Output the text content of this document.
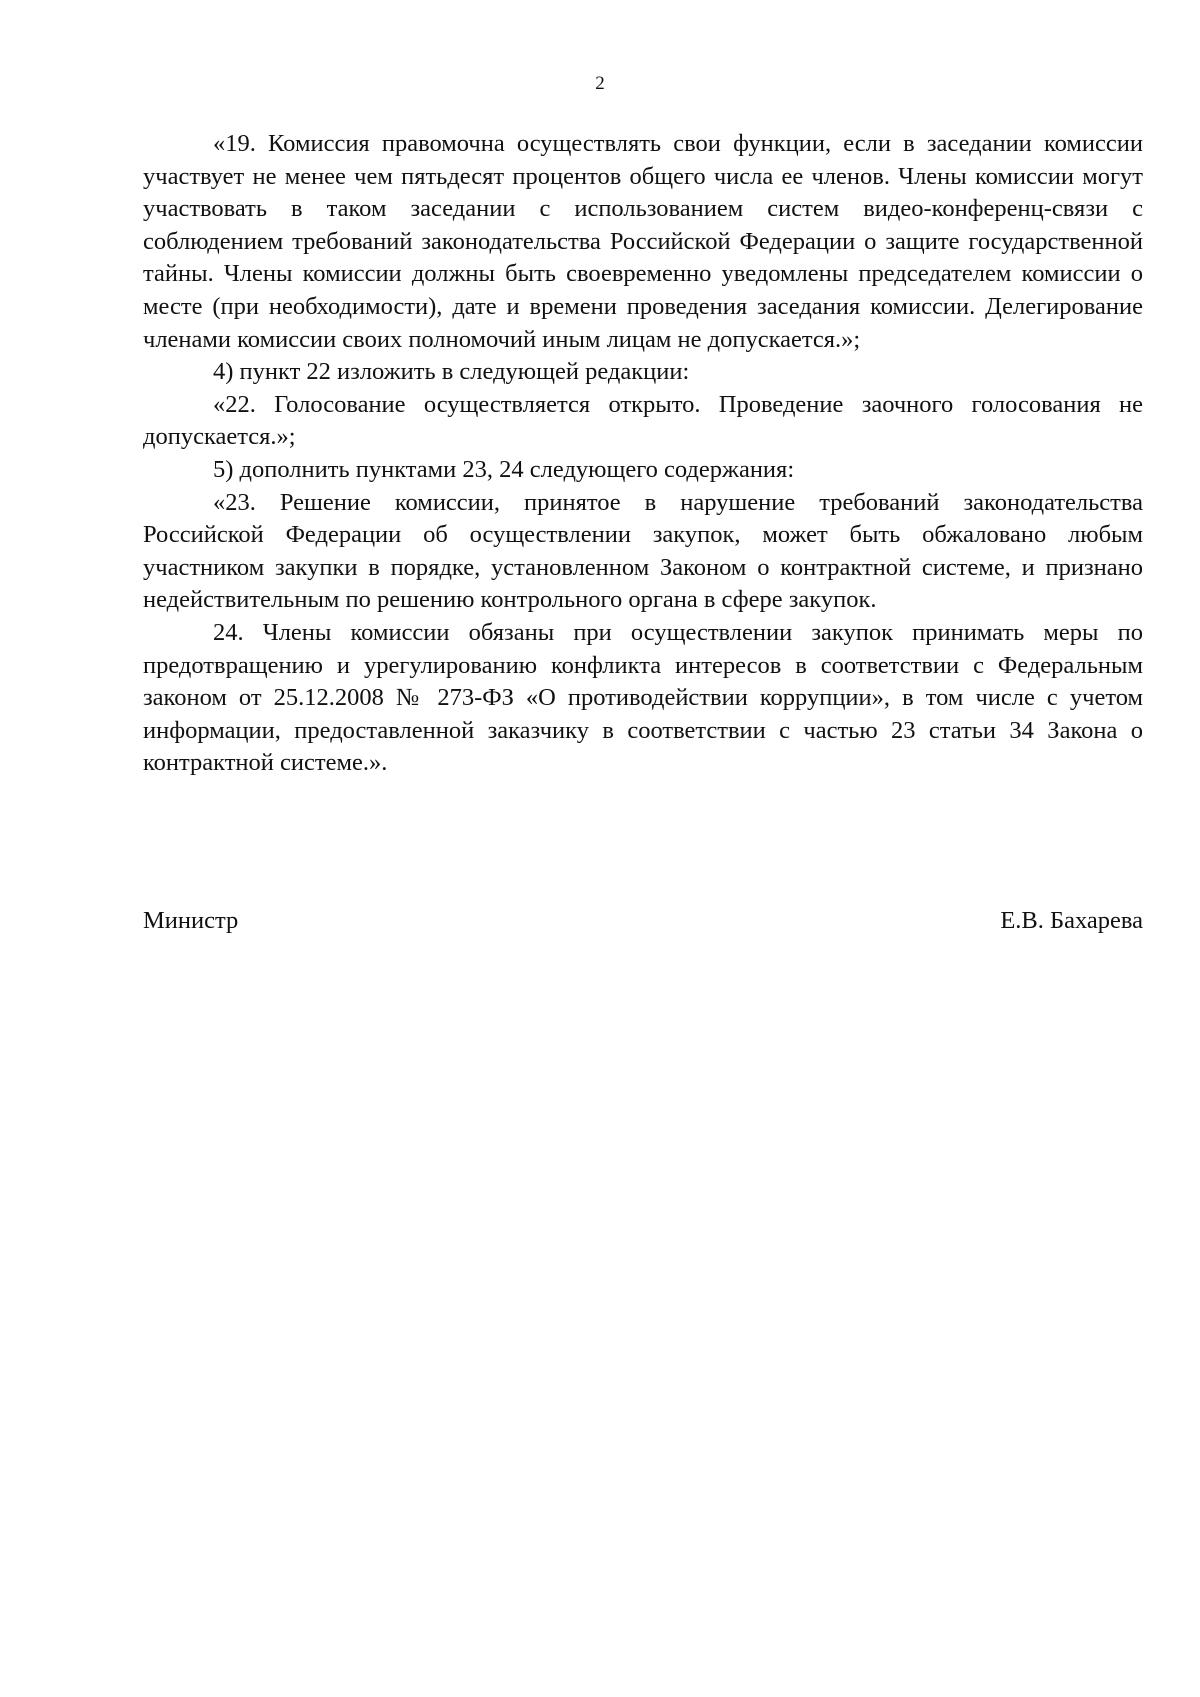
2

«19. Комиссия правомочна осуществлять свои функции, если в заседании комиссии участвует не менее чем пятьдесят процентов общего числа ее членов. Члены комиссии могут участвовать в таком заседании с использованием систем видео-конференц-связи с соблюдением требований законодательства Российской Федерации о защите государственной тайны. Члены комиссии должны быть своевременно уведомлены председателем комиссии о месте (при необходимости), дате и времени проведения заседания комиссии. Делегирование членами комиссии своих полномочий иным лицам не допускается.»;

4) пункт 22 изложить в следующей редакции:

«22. Голосование осуществляется открыто. Проведение заочного голосования не допускается.»;

5) дополнить пунктами 23, 24 следующего содержания:

«23. Решение комиссии, принятое в нарушение требований законодательства Российской Федерации об осуществлении закупок, может быть обжаловано любым участником закупки в порядке, установленном Законом о контрактной системе, и признано недействительным по решению контрольного органа в сфере закупок.

24. Члены комиссии обязаны при осуществлении закупок принимать меры по предотвращению и урегулированию конфликта интересов в соответствии с Федеральным законом от 25.12.2008 № 273-ФЗ «О противодействии коррупции», в том числе с учетом информации, предоставленной заказчику в соответствии с частью 23 статьи 34 Закона о контрактной системе.».

Министр	Е.В. Бахарева
